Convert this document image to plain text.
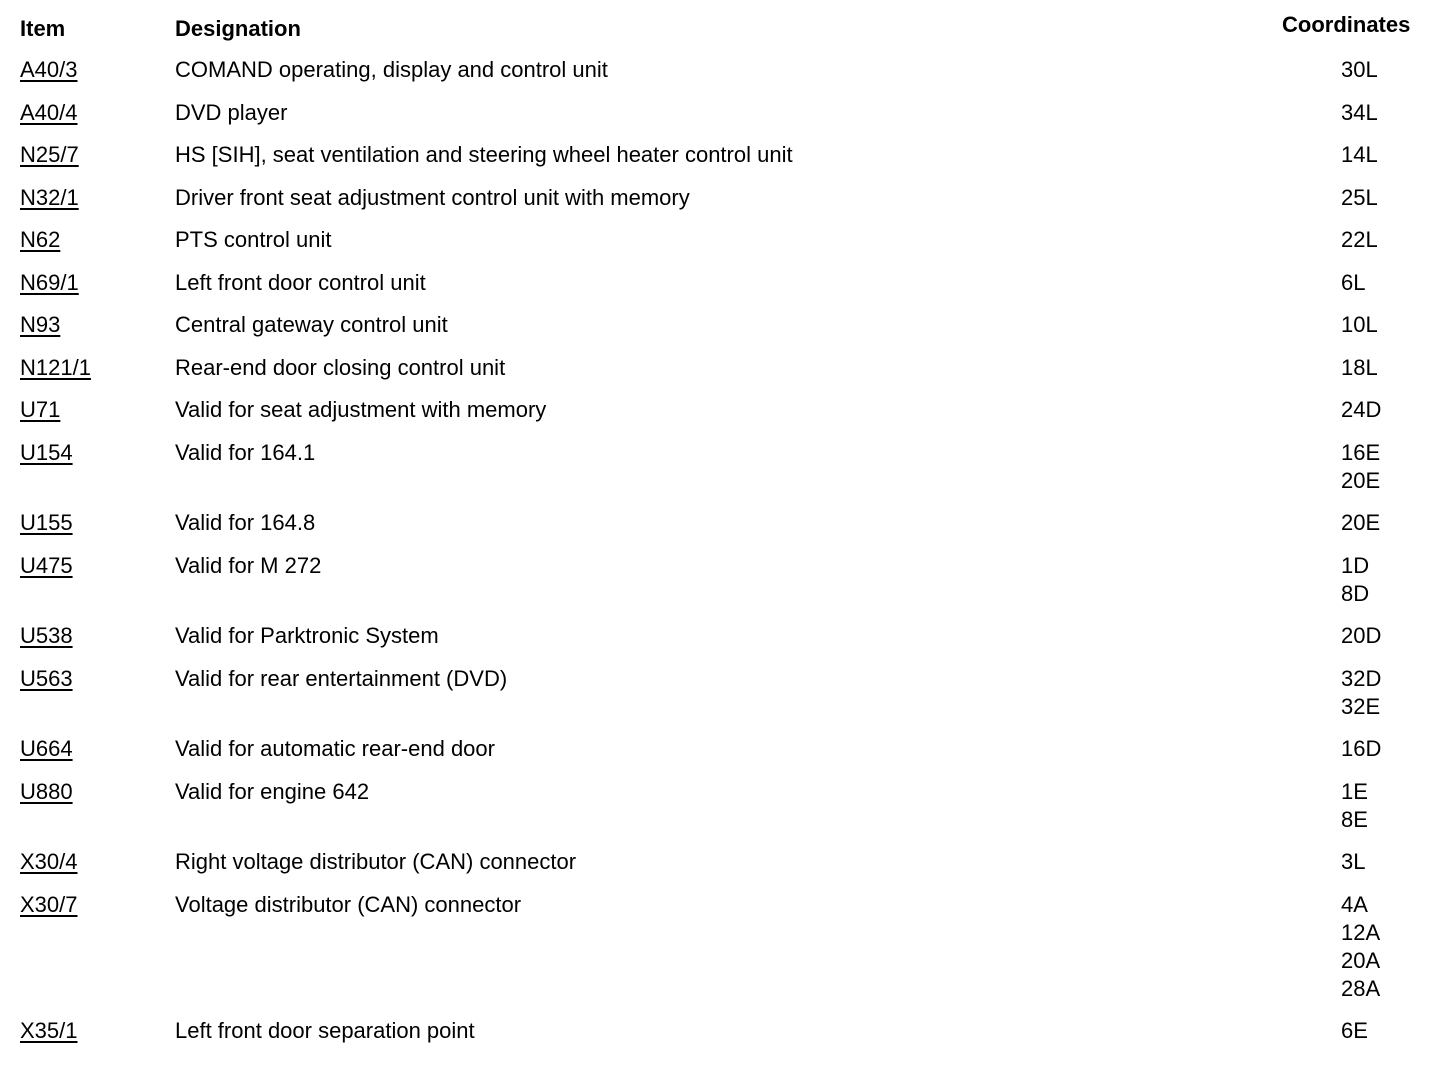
Item	Designation	Coordinates
A40/3	COMAND operating, display and control unit	30L
A40/4	DVD player	34L
N25/7	HS [SIH], seat ventilation and steering wheel heater control unit	14L
N32/1	Driver front seat adjustment control unit with memory	25L
N62	PTS control unit	22L
N69/1	Left front door control unit	6L
N93	Central gateway control unit	10L
N121/1	Rear-end door closing control unit	18L
U71	Valid for seat adjustment with memory	24D
U154	Valid for 164.1	16E
20E
U155	Valid for 164.8	20E
U475	Valid for M 272	1D
8D
U538	Valid for Parktronic System	20D
U563	Valid for rear entertainment (DVD)	32D
32E
U664	Valid for automatic rear-end door	16D
U880	Valid for engine 642	1E
8E
X30/4	Right voltage distributor (CAN) connector	3L
X30/7	Voltage distributor (CAN) connector	4A
12A
20A
28A
X35/1	Left front door separation point	6E
